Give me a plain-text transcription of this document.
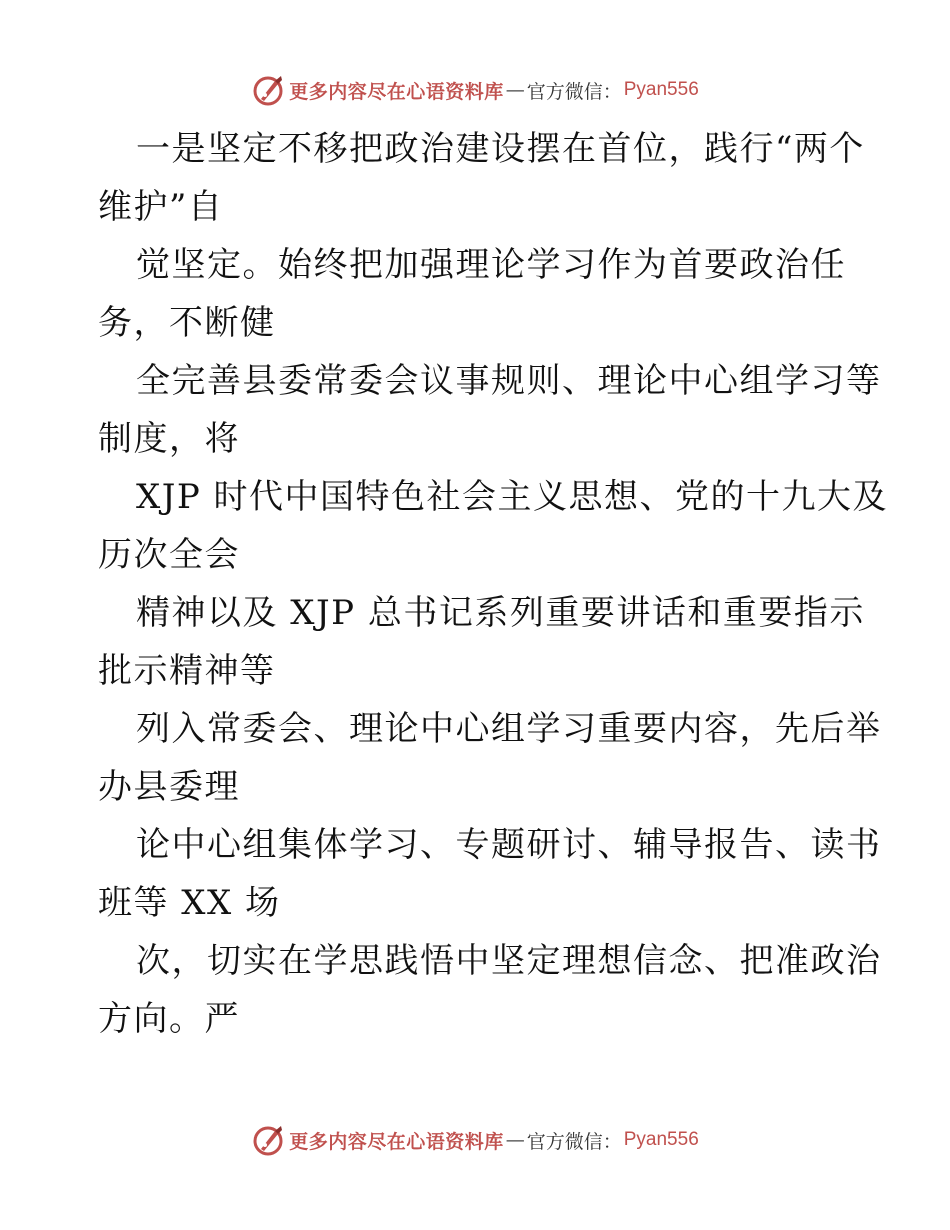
更多内容尽在心语资料库 — 官方微信： Pyan556
一是坚定不移把政治建设摆在首位，践行“两个
维护”自
觉坚定。始终把加强理论学习作为首要政治任
务，不断健
全完善县委常委会议事规则、理论中心组学习等
制度，将
XJP 时代中国特色社会主义思想、党的十九大及
历次全会
精神以及 XJP 总书记系列重要讲话和重要指示
批示精神等
列入常委会、理论中心组学习重要内容，先后举
办县委理
论中心组集体学习、专题研讨、辅导报告、读书
班等 XX 场
次，切实在学思践悟中坚定理想信念、把准政治
方向。严
更多内容尽在心语资料库 — 官方微信： Pyan556
